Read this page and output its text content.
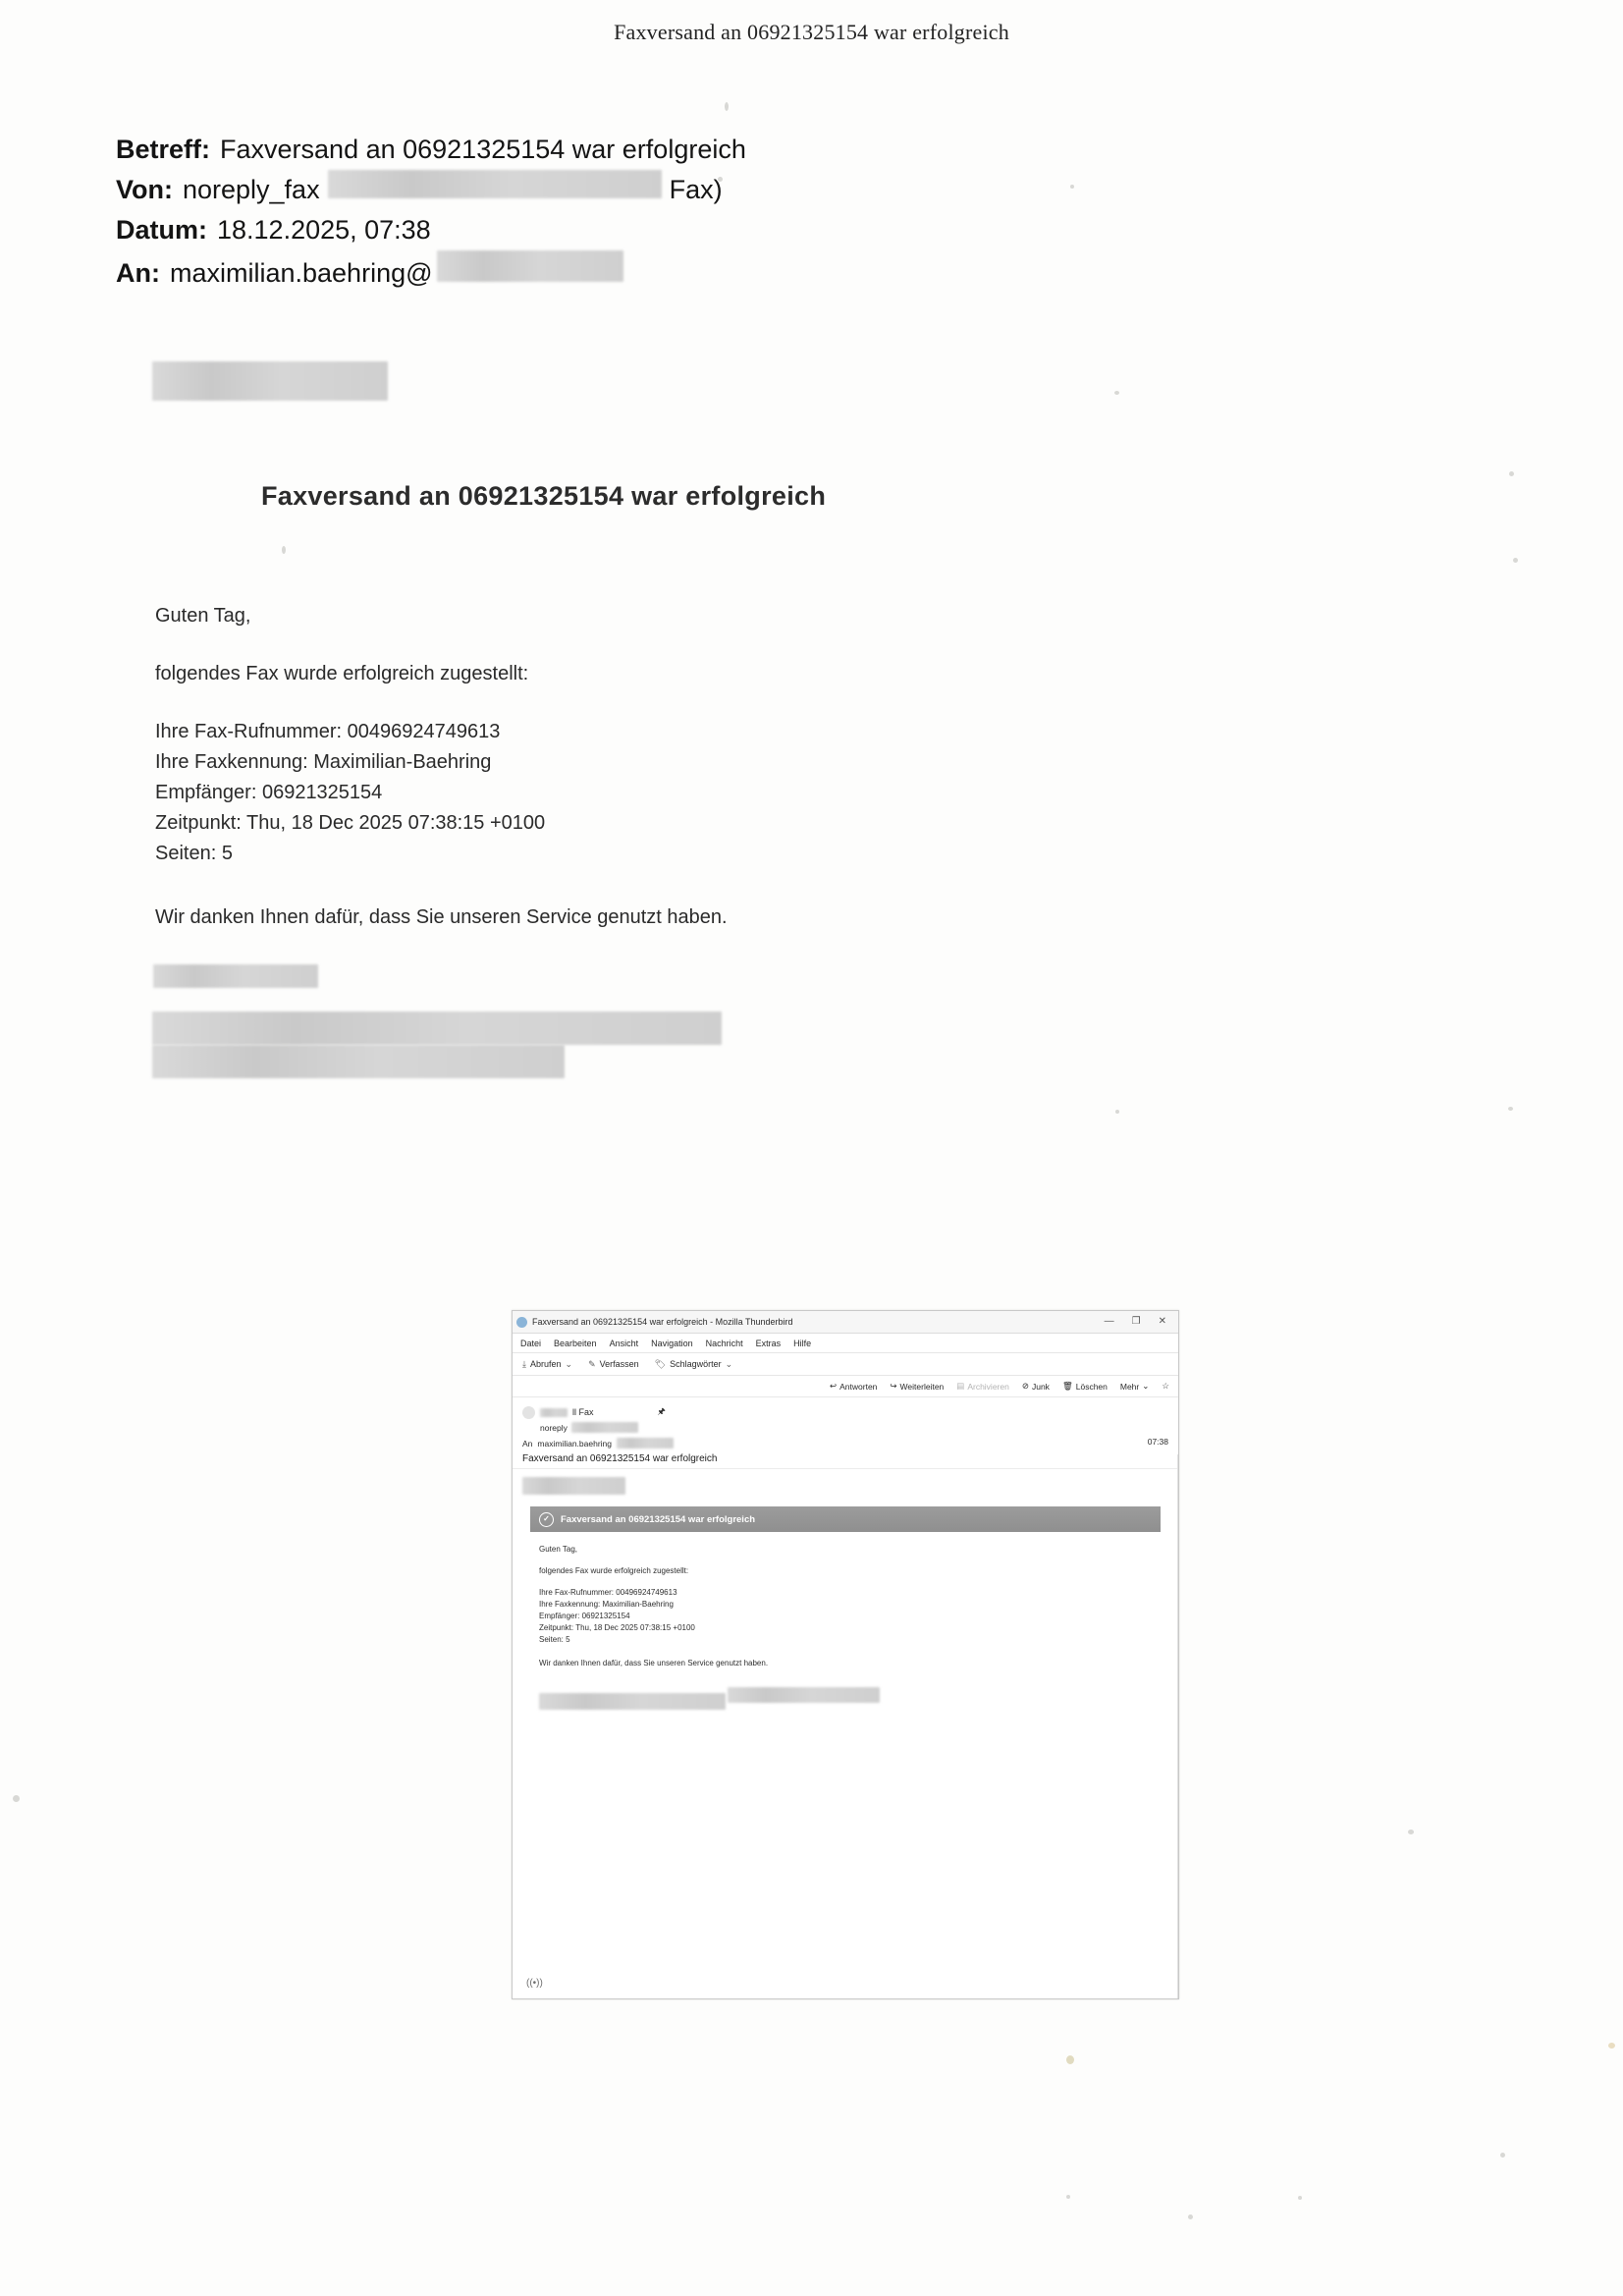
Faxversand an 06921325154 war erfolgreich
Betreff: Faxversand an 06921325154 war erfolgreich
Von: noreply_fax	Fax)
Datum: 18.12.2025, 07:38
An: maximilian.baehring@
Faxversand an 06921325154 war erfolgreich

Guten Tag,

folgendes Fax wurde erfolgreich zugestellt:

Ihre Fax-Rufnummer: 00496924749613

Ihre Faxkennung: Maximilian-Baehring

Empfänger: 06921325154

Zeitpunkt: Thu, 18 Dec 2025 07:38:15 +0100

Seiten: 5

Wir danken Ihnen dafür, dass Sie unseren Service genutzt haben.

Faxversand an 06921325154 war erfolgreich - Mozilla Thunderbird	— ❐ ✕
Datei Bearbeiten Ansicht Navigation Nachricht Extras Hilfe
⤓ Abrufen ⌄ ✎ Verfassen 🏷 Schlagwörter ⌄
↩ Antworten ↪ Weiterleiten ▤ Archivieren ⊘ Junk 🗑 Löschen Mehr ⌄ ☆
ll Fax	🖈
noreply
An maximilian.baehring	07:38
Faxversand an 06921325154 war erfolgreich
✓	Faxversand an 06921325154 war erfolgreich

Guten Tag,

folgendes Fax wurde erfolgreich zugestellt:

Ihre Fax-Rufnummer: 00496924749613

Ihre Faxkennung: Maximilian-Baehring

Empfänger: 06921325154

Zeitpunkt: Thu, 18 Dec 2025 07:38:15 +0100

Seiten: 5

Wir danken Ihnen dafür, dass Sie unseren Service genutzt haben.

((•))
